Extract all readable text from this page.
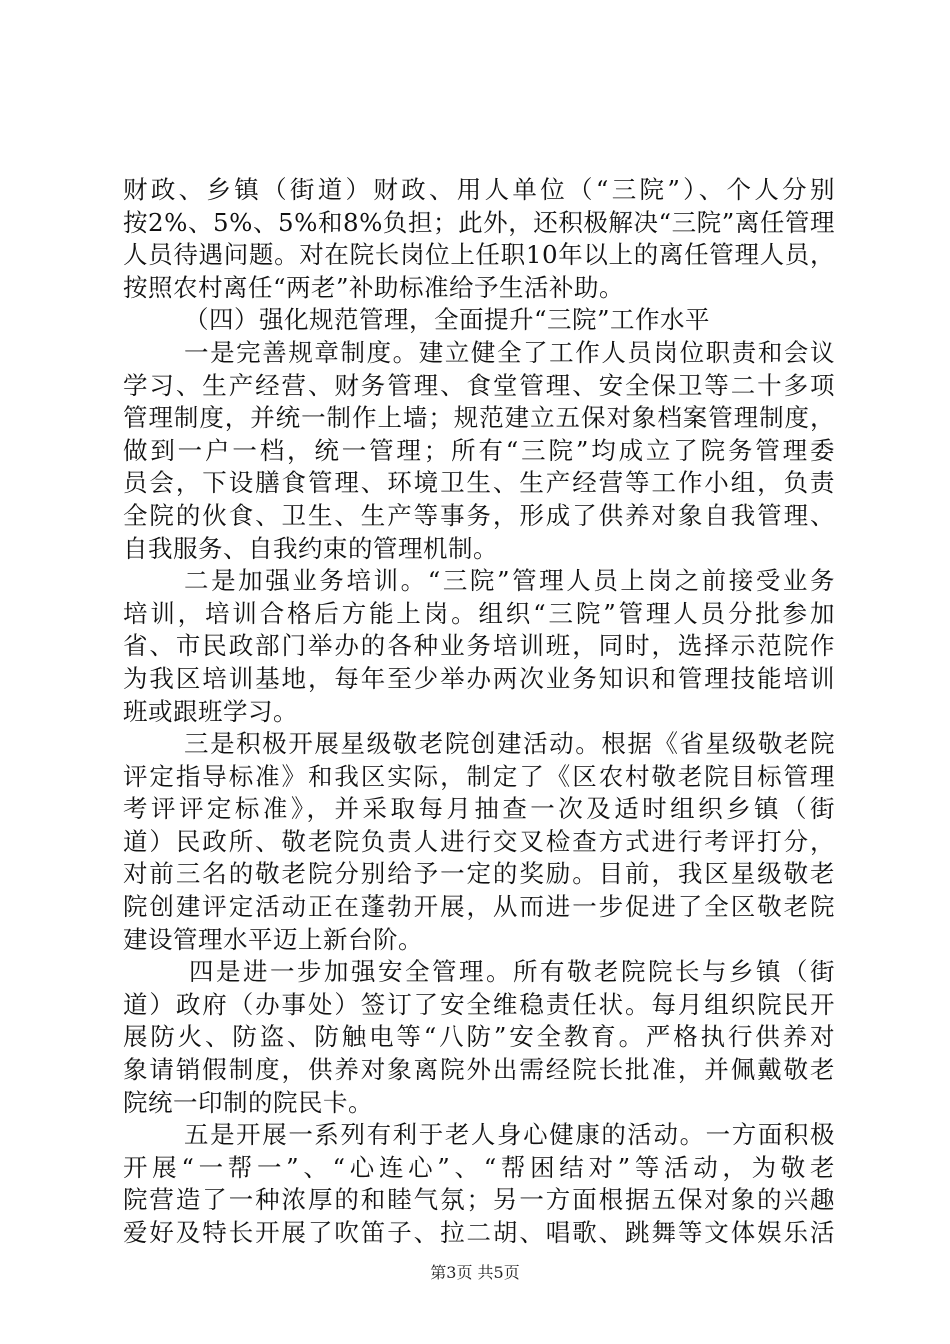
财政、乡镇（街道）财政、用人单位（“三院”）、个人分别
按2%、5%、5%和8%负担；此外，还积极解决“三院”离任管理
人员待遇问题。对在院长岗位上任职10年以上的离任管理人员，
按照农村离任“两老”补助标准给予生活补助。
（四）强化规范管理，全面提升“三院”工作水平
一是完善规章制度。建立健全了工作人员岗位职责和会议
学习、生产经营、财务管理、食堂管理、安全保卫等二十多项
管理制度，并统一制作上墙；规范建立五保对象档案管理制度，
做到一户一档，统一管理；所有“三院”均成立了院务管理委
员会，下设膳食管理、环境卫生、生产经营等工作小组，负责
全院的伙食、卫生、生产等事务，形成了供养对象自我管理、
自我服务、自我约束的管理机制。
二是加强业务培训。“三院”管理人员上岗之前接受业务
培训，培训合格后方能上岗。组织“三院”管理人员分批参加
省、市民政部门举办的各种业务培训班，同时，选择示范院作
为我区培训基地，每年至少举办两次业务知识和管理技能培训
班或跟班学习。
三是积极开展星级敬老院创建活动。根据《省星级敬老院
评定指导标准》和我区实际，制定了《区农村敬老院目标管理
考评评定标准》，并采取每月抽查一次及适时组织乡镇（街
道）民政所、敬老院负责人进行交叉检查方式进行考评打分，
对前三名的敬老院分别给予一定的奖励。目前，我区星级敬老
院创建评定活动正在蓬勃开展，从而进一步促进了全区敬老院
建设管理水平迈上新台阶。
四是进一步加强安全管理。所有敬老院院长与乡镇（街
道）政府（办事处）签订了安全维稳责任状。每月组织院民开
展防火、防盗、防触电等“八防”安全教育。严格执行供养对
象请销假制度，供养对象离院外出需经院长批准，并佩戴敬老
院统一印制的院民卡。
五是开展一系列有利于老人身心健康的活动。一方面积极
开展“一帮一”、“心连心”、“帮困结对”等活动，为敬老
院营造了一种浓厚的和睦气氛；另一方面根据五保对象的兴趣
爱好及特长开展了吹笛子、拉二胡、唱歌、跳舞等文体娱乐活
第3页 共5页
